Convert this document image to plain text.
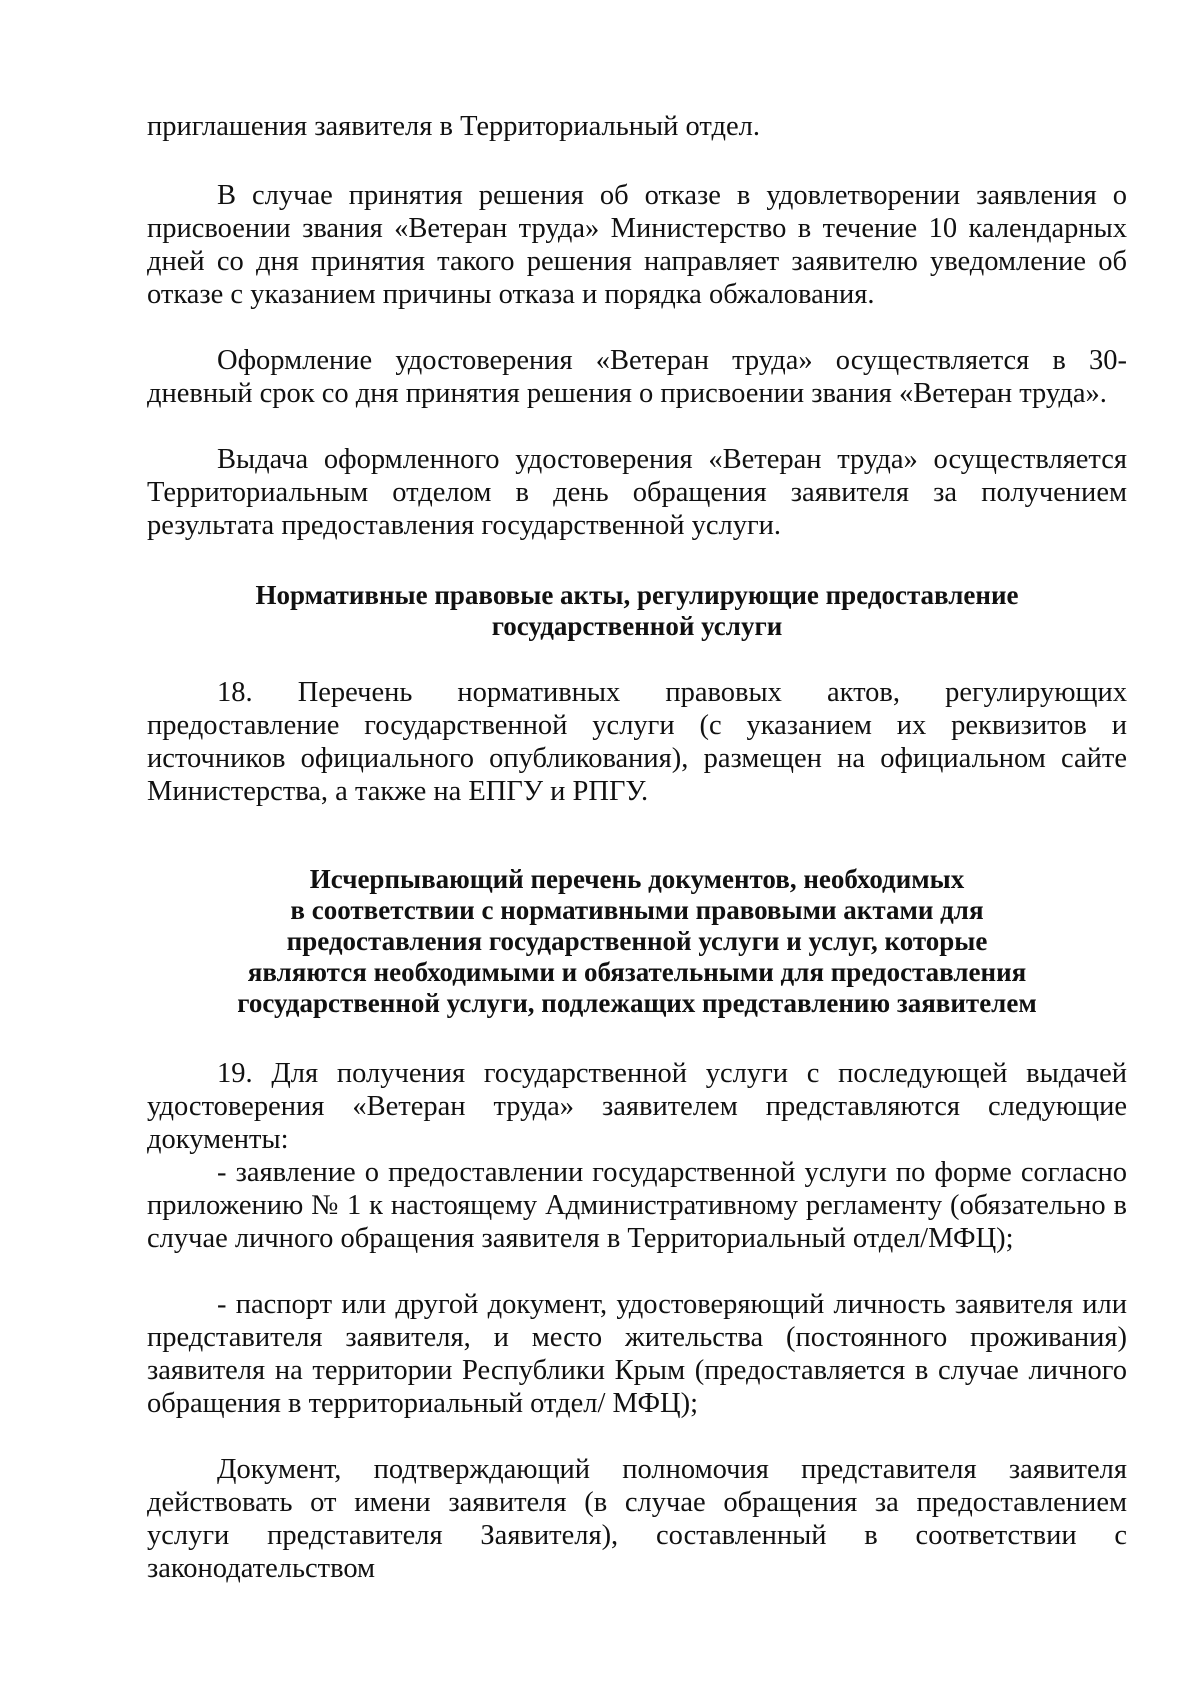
приглашения заявителя в Территориальный отдел.

В случае принятия решения об отказе в удовлетворении заявления о присвоении звания «Ветеран труда» Министерство в течение 10 календарных дней со дня принятия такого решения направляет заявителю уведомление об отказе с указанием причины отказа и порядка обжалования.

Оформление удостоверения «Ветеран труда» осуществляется в 30-дневный срок со дня принятия решения о присвоении звания «Ветеран труда».

Выдача оформленного удостоверения «Ветеран труда» осуществляется Территориальным отделом в день обращения заявителя за получением результата предоставления государственной услуги.

Нормативные правовые акты, регулирующие предоставление
государственной услуги

18. Перечень нормативных правовых актов, регулирующих предоставление государственной услуги (с указанием их реквизитов и источников официального опубликования), размещен на официальном сайте Министерства, а также на ЕПГУ и РПГУ.

Исчерпывающий перечень документов, необходимых
в соответствии с нормативными правовыми актами для
предоставления государственной услуги и услуг, которые
являются необходимыми и обязательными для предоставления
государственной услуги, подлежащих представлению заявителем

19. Для получения государственной услуги с последующей выдачей удостоверения «Ветеран труда» заявителем представляются следующие документы:

- заявление о предоставлении государственной услуги по форме согласно приложению № 1 к настоящему Административному регламенту (обязательно в случае личного обращения заявителя в Территориальный отдел/МФЦ);

- паспорт или другой документ, удостоверяющий личность заявителя или представителя заявителя, и место жительства (постоянного проживания) заявителя на территории Республики Крым (предоставляется в случае личного обращения в территориальный отдел/ МФЦ);

Документ, подтверждающий полномочия представителя заявителя действовать от имени заявителя (в случае обращения за предоставлением услуги представителя Заявителя), составленный в соответствии с законодательством
